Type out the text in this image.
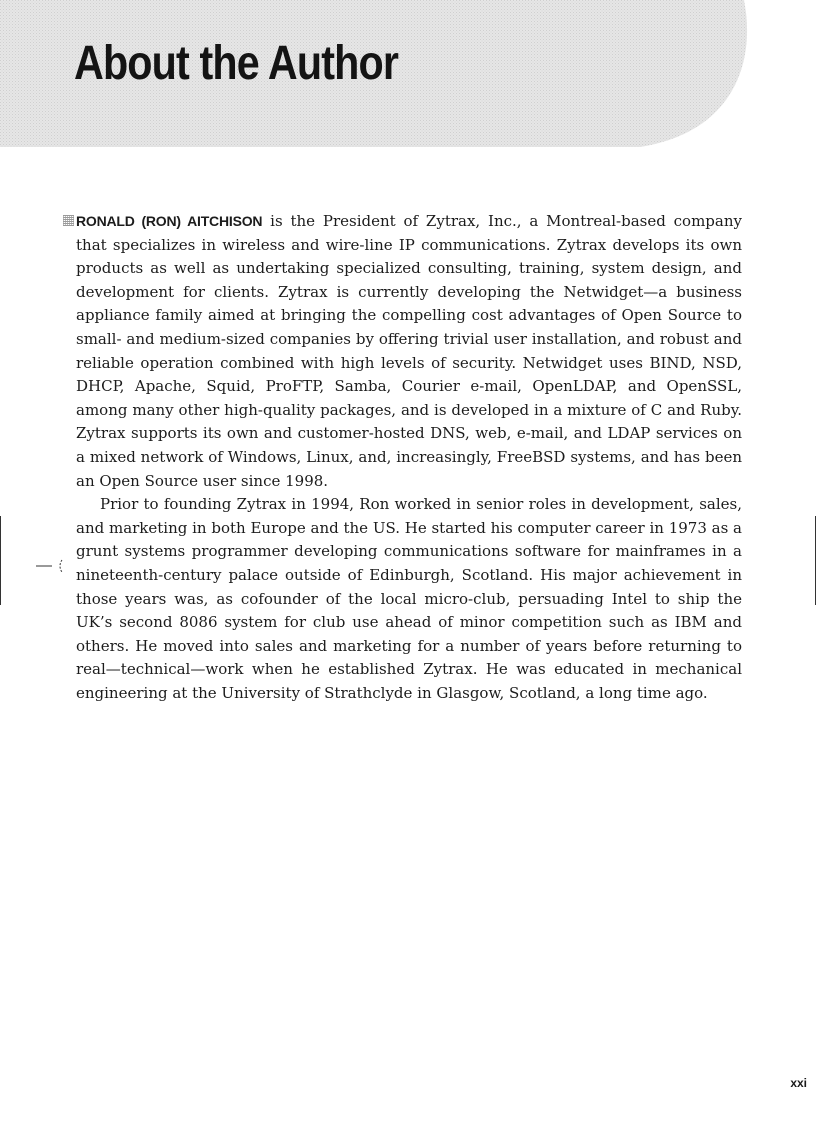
About the Author

RONALD (RON) AITCHISON is the President of Zytrax, Inc., a Montreal-based company that specializes in wireless and wire-line IP communications. Zytrax develops its own products as well as undertaking specialized consulting, training, system design, and development for clients. Zytrax is currently developing the Netwidget—a business appliance family aimed at bringing the compelling cost advantages of Open Source to small- and medium-sized companies by offering trivial user installation, and robust and reliable operation combined with high levels of security. Netwidget uses BIND, NSD, DHCP, Apache, Squid, ProFTP, Samba, Courier e-mail, OpenLDAP, and OpenSSL, among many other high-quality packages, and is developed in a mixture of C and Ruby. Zytrax supports its own and customer-hosted DNS, web, e-mail, and LDAP services on a mixed network of Windows, Linux, and, increasingly, FreeBSD systems, and has been an Open Source user since 1998.

Prior to founding Zytrax in 1994, Ron worked in senior roles in development, sales, and marketing in both Europe and the US. He started his computer career in 1973 as a grunt systems programmer developing communications software for mainframes in a nineteenth-century palace outside of Edinburgh, Scotland. His major achievement in those years was, as cofounder of the local micro-club, persuading Intel to ship the UK’s second 8086 system for club use ahead of minor competition such as IBM and others. He moved into sales and marketing for a number of years before returning to real—technical—work when he established Zytrax. He was educated in mechanical engineering at the University of Strathclyde in Glasgow, Scotland, a long time ago.

xxi
